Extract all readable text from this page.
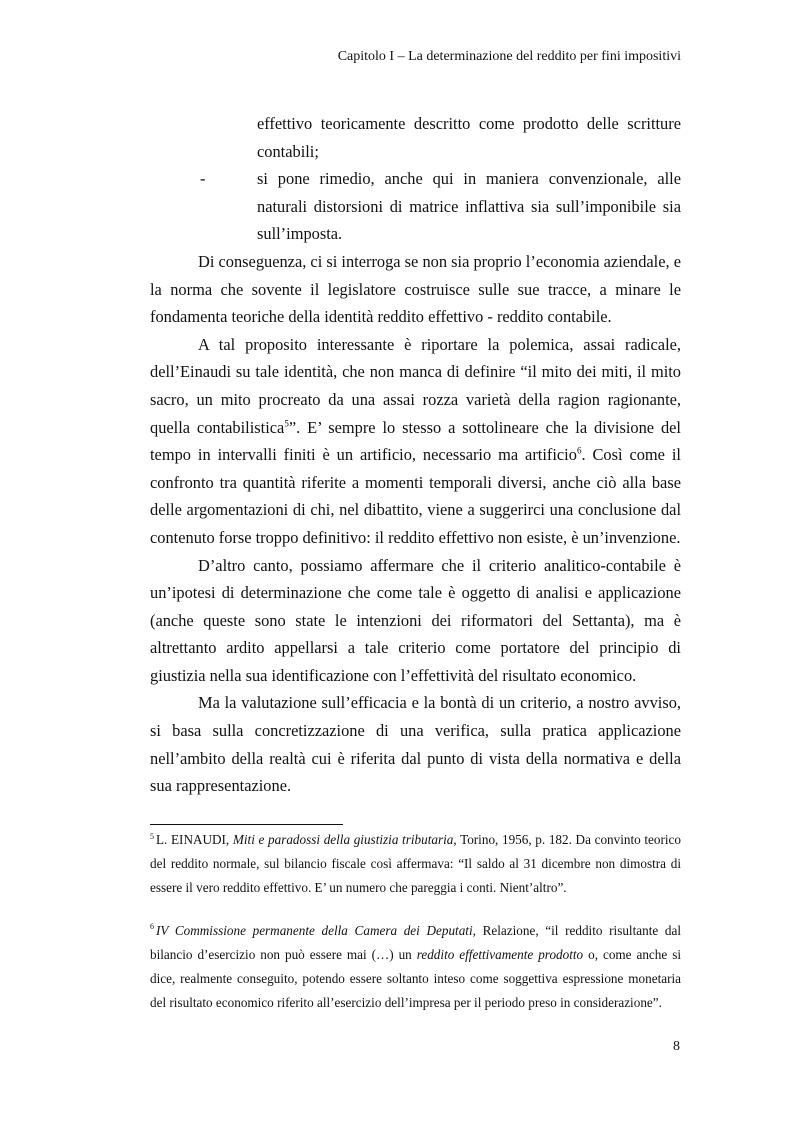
Capitolo I – La determinazione del reddito per fini impositivi

effettivo teoricamente descritto come prodotto delle scritture contabili;

-	si pone rimedio, anche qui in maniera convenzionale, alle naturali distorsioni di matrice inflattiva sia sull’imponibile sia sull’imposta.

Di conseguenza, ci si interroga se non sia proprio l’economia aziendale, e la norma che sovente il legislatore costruisce sulle sue tracce, a minare le fondamenta teoriche della identità reddito effettivo - reddito contabile.

A tal proposito interessante è riportare la polemica, assai radicale, dell’Einaudi su tale identità, che non manca di definire “il mito dei miti, il mito sacro, un mito procreato da una assai rozza varietà della ragion ragionante, quella contabilistica$^5$”. E’ sempre lo stesso a sottolineare che la divisione del tempo in intervalli finiti è un artificio, necessario ma artificio$^6$. Così come il confronto tra quantità riferite a momenti temporali diversi, anche ciò alla base delle argomentazioni di chi, nel dibattito, viene a suggerirci una conclusione dal contenuto forse troppo definitivo: il reddito effettivo non esiste, è un’invenzione.

D’altro canto, possiamo affermare che il criterio analitico-contabile è un’ipotesi di determinazione che come tale è oggetto di analisi e applicazione (anche queste sono state le intenzioni dei riformatori del Settanta), ma è altrettanto ardito appellarsi a tale criterio come portatore del principio di giustizia nella sua identificazione con l’effettività del risultato economico.

Ma la valutazione sull’efficacia e la bontà di un criterio, a nostro avviso, si basa sulla concretizzazione di una verifica, sulla pratica applicazione nell’ambito della realtà cui è riferita dal punto di vista della normativa e della sua rappresentazione.

$^5$ L. EINAUDI, Miti e paradossi della giustizia tributaria, Torino, 1956, p. 182. Da convinto teorico del reddito normale, sul bilancio fiscale così affermava: “Il saldo al 31 dicembre non dimostra di essere il vero reddito effettivo. E’ un numero che pareggia i conti. Nient’altro”.

$^6$ IV Commissione permanente della Camera dei Deputati, Relazione, “il reddito risultante dal bilancio d’esercizio non può essere mai (…) un reddito effettivamente prodotto o, come anche si dice, realmente conseguito, potendo essere soltanto inteso come soggettiva espressione monetaria del risultato economico riferito all’esercizio dell’impresa per il periodo preso in considerazione”.

8
